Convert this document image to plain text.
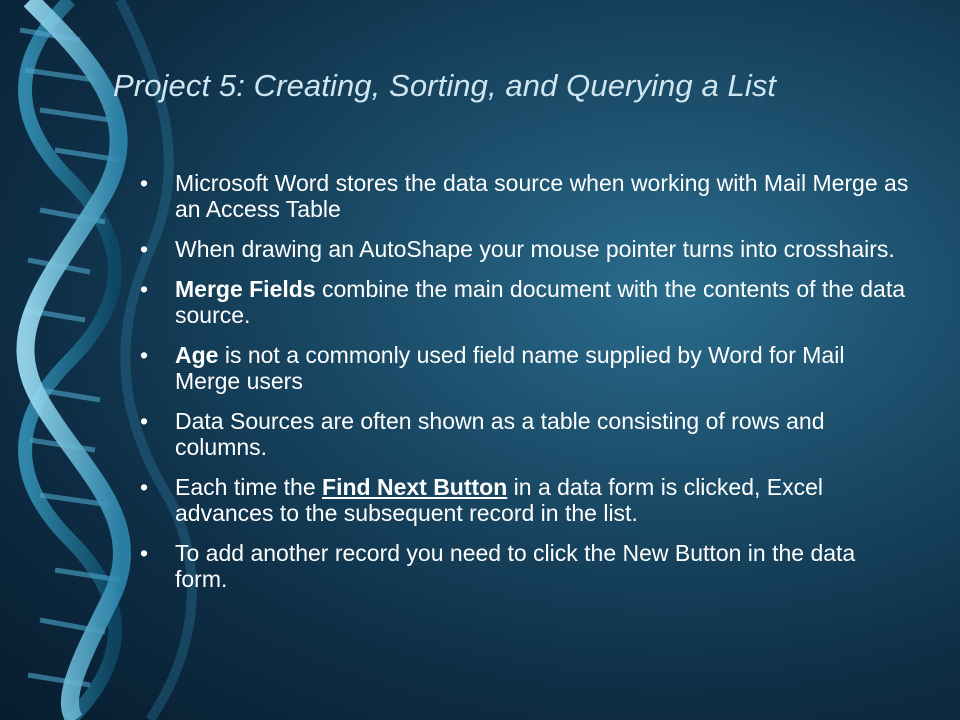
Project 5: Creating, Sorting, and Querying a List
• Microsoft Word stores the data source when working with Mail Merge as an Access Table
• When drawing an AutoShape your mouse pointer turns into crosshairs.
• Merge Fields combine the main document with the contents of the data source.
• Age is not a commonly used field name supplied by Word for Mail Merge users
• Data Sources are often shown as a table consisting of rows and columns.
• Each time the Find Next Button in a data form is clicked, Excel advances to the subsequent record in the list.
• To add another record you need to click the New Button in the data form.
